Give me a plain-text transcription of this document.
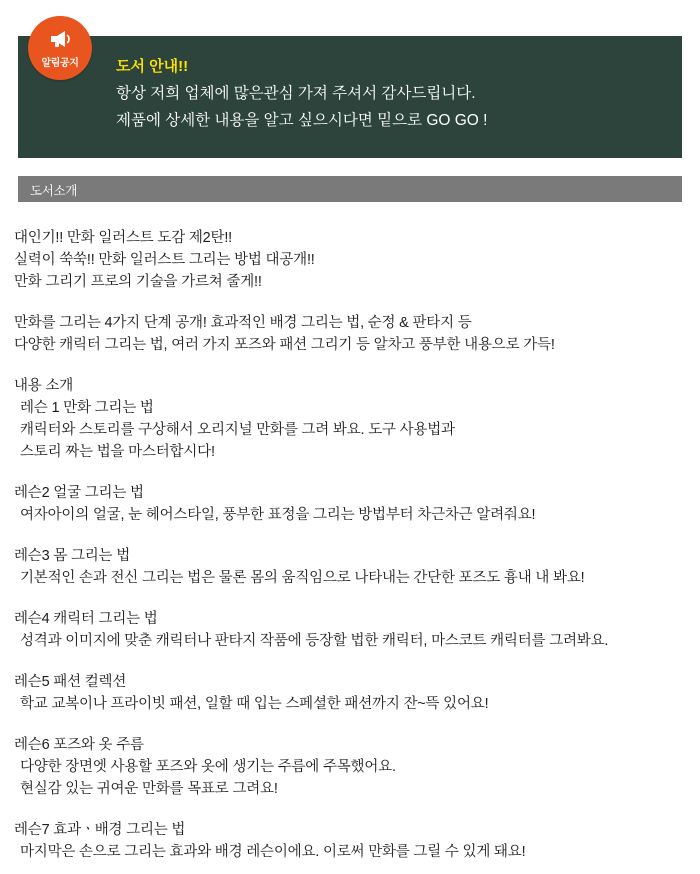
도서 안내!!
항상 저희 업체에 많은관심 가져 주셔서 감사드립니다.
제품에 상세한 내용을 알고 싶으시다면 밑으로 GO GO !
알림공지
도서소개
대인기!! 만화 일러스트 도감 제2탄!!
실력이 쑥쑥!! 만화 일러스트 그리는 방법 대공개!!
만화 그리기 프로의 기술을 가르쳐 줄게!!
만화를 그리는 4가지 단계 공개! 효과적인 배경 그리는 법, 순정 & 판타지 등
다양한 캐릭터 그리는 법, 여러 가지 포즈와 패션 그리기 등 알차고 풍부한 내용으로 가득!
내용 소개
레슨 1 만화 그리는 법
캐릭터와 스토리를 구상해서 오리지널 만화를 그려 봐요. 도구 사용법과
스토리 짜는 법을 마스터합시다!
레슨2 얼굴 그리는 법
여자아이의 얼굴, 눈 헤어스타일, 풍부한 표정을 그리는 방법부터 차근차근 알려줘요!
레슨3 몸 그리는 법
기본적인 손과 전신 그리는 법은 물론 몸의 움직임으로 나타내는 간단한 포즈도 흉내 내 봐요!
레슨4 캐릭터 그리는 법
성격과 이미지에 맞춘 캐릭터나 판타지 작품에 등장할 법한 캐릭터, 마스코트 캐릭터를 그려봐요.
레슨5 패션 컬렉션
학교 교복이나 프라이빗 패션, 일할 때 입는 스페셜한 패션까지 잔~뜩 있어요!
레슨6 포즈와 옷 주름
다양한 장면엣 사용할 포즈와 옷에 생기는 주름에 주목했어요.
현실감 있는 귀여운 만화를 목표로 그려요!
레슨7 효과ㆍ배경 그리는 법
마지막은 손으로 그리는 효과와 배경 레슨이에요. 이로써 만화를 그릴 수 있게 돼요!
